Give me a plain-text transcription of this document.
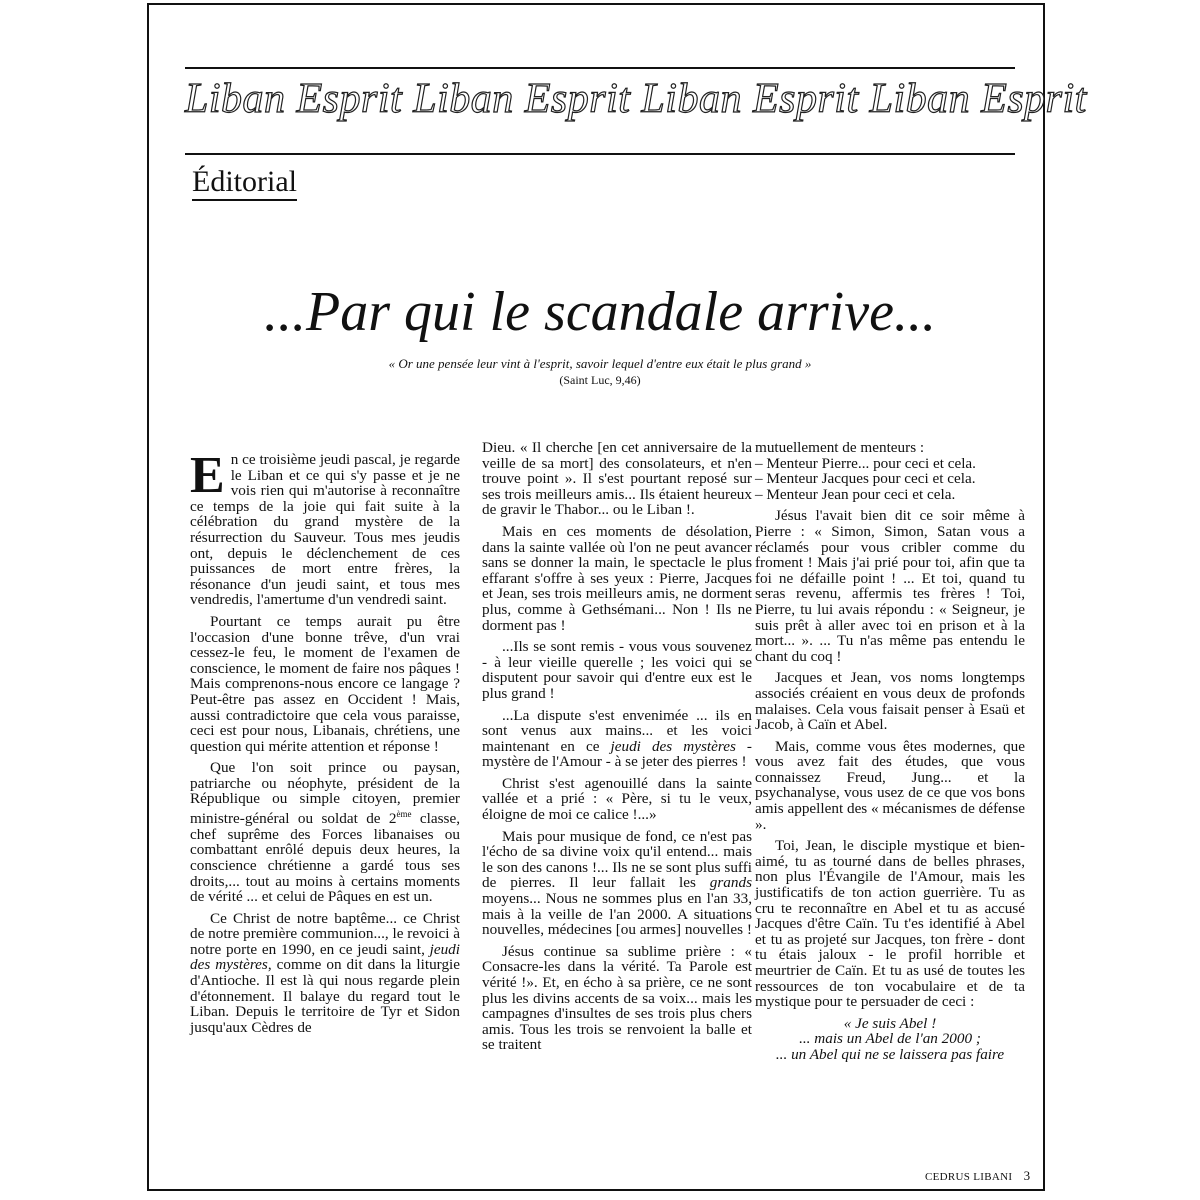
Liban Esprit Liban Esprit Liban Esprit Liban Esprit
Éditorial
...Par qui le scandale arrive...
« Or une pensée leur vint à l'esprit, savoir lequel d'entre eux était le plus grand »
(Saint Luc, 9,46)

En ce troisième jeudi pascal, je regarde le Liban et ce qui s'y passe et je ne vois rien qui m'autorise à reconnaître ce temps de la joie qui fait suite à la célébration du grand mystère de la résurrection du Sauveur. Tous mes jeudis ont, depuis le déclenchement de ces puissances de mort entre frères, la résonance d'un jeudi saint, et tous mes vendredis, l'amertume d'un vendredi saint.

Pourtant ce temps aurait pu être l'occasion d'une bonne trêve, d'un vrai cessez-le feu, le moment de l'examen de conscience, le moment de faire nos pâques ! Mais comprenons-nous encore ce langage ? Peut-être pas assez en Occident ! Mais, aussi contradictoire que cela vous paraisse, ceci est pour nous, Libanais, chrétiens, une question qui mérite attention et réponse !

Que l'on soit prince ou paysan, patriarche ou néophyte, président de la République ou simple citoyen, premier ministre-général ou soldat de 2ème classe, chef suprême des Forces libanaises ou combattant enrôlé depuis deux heures, la conscience chrétienne a gardé tous ses droits,... tout au moins à certains moments de vérité ... et celui de Pâques en est un.

Ce Christ de notre baptême... ce Christ de notre première communion..., le revoici à notre porte en 1990, en ce jeudi saint, jeudi des mystères, comme on dit dans la liturgie d'Antioche. Il est là qui nous regarde plein d'étonnement. Il balaye du regard tout le Liban. Depuis le territoire de Tyr et Sidon jusqu'aux Cèdres de

Dieu. « Il cherche [en cet anniversaire de la veille de sa mort] des consolateurs, et n'en trouve point ». Il s'est pourtant reposé sur ses trois meilleurs amis... Ils étaient heureux de gravir le Thabor... ou le Liban !.

Mais en ces moments de désolation, dans la sainte vallée où l'on ne peut avancer sans se donner la main, le spectacle le plus effarant s'offre à ses yeux : Pierre, Jacques et Jean, ses trois meilleurs amis, ne dorment plus, comme à Gethsémani... Non ! Ils ne dorment pas !

...Ils se sont remis - vous vous souvenez - à leur vieille querelle ; les voici qui se disputent pour savoir qui d'entre eux est le plus grand !

...La dispute s'est envenimée ... ils en sont venus aux mains... et les voici maintenant en ce jeudi des mystères - mystère de l'Amour - à se jeter des pierres !

Christ s'est agenouillé dans la sainte vallée et a prié : « Père, si tu le veux, éloigne de moi ce calice !...»

Mais pour musique de fond, ce n'est pas l'écho de sa divine voix qu'il entend... mais le son des canons !... Ils ne se sont plus suffi de pierres. Il leur fallait les grands moyens... Nous ne sommes plus en l'an 33, mais à la veille de l'an 2000. A situations nouvelles, médecines [ou armes] nouvelles !

Jésus continue sa sublime prière : « Consacre-les dans la vérité. Ta Parole est vérité !». Et, en écho à sa prière, ce ne sont plus les divins accents de sa voix... mais les campagnes d'insultes de ses trois plus chers amis. Tous les trois se renvoient la balle et se traitent

mutuellement de menteurs :

– Menteur Pierre... pour ceci et cela.
– Menteur Jacques pour ceci et cela.
– Menteur Jean pour ceci et cela.

Jésus l'avait bien dit ce soir même à Pierre : « Simon, Simon, Satan vous a réclamés pour vous cribler comme du froment ! Mais j'ai prié pour toi, afin que ta foi ne défaille point ! ... Et toi, quand tu seras revenu, affermis tes frères ! Toi, Pierre, tu lui avais répondu : « Seigneur, je suis prêt à aller avec toi en prison et à la mort... ». ... Tu n'as même pas entendu le chant du coq !

Jacques et Jean, vos noms longtemps associés créaient en vous deux de profonds malaises. Cela vous faisait penser à Esaü et Jacob, à Caïn et Abel.

Mais, comme vous êtes modernes, que vous avez fait des études, que vous connaissez Freud, Jung... et la psychanalyse, vous usez de ce que vos bons amis appellent des « mécanismes de défense ».

Toi, Jean, le disciple mystique et bien-aimé, tu as tourné dans de belles phrases, non plus l'Évangile de l'Amour, mais les justificatifs de ton action guerrière. Tu as cru te reconnaître en Abel et tu as accusé Jacques d'être Caïn. Tu t'es identifié à Abel et tu as projeté sur Jacques, ton frère - dont tu étais jaloux - le profil horrible et meurtrier de Caïn. Et tu as usé de toutes les ressources de ton vocabulaire et de ta mystique pour te persuader de ceci :

« Je suis Abel !
... mais un Abel de l'an 2000 ;
... un Abel qui ne se laissera pas faire
CEDRUS LIBANI 3
